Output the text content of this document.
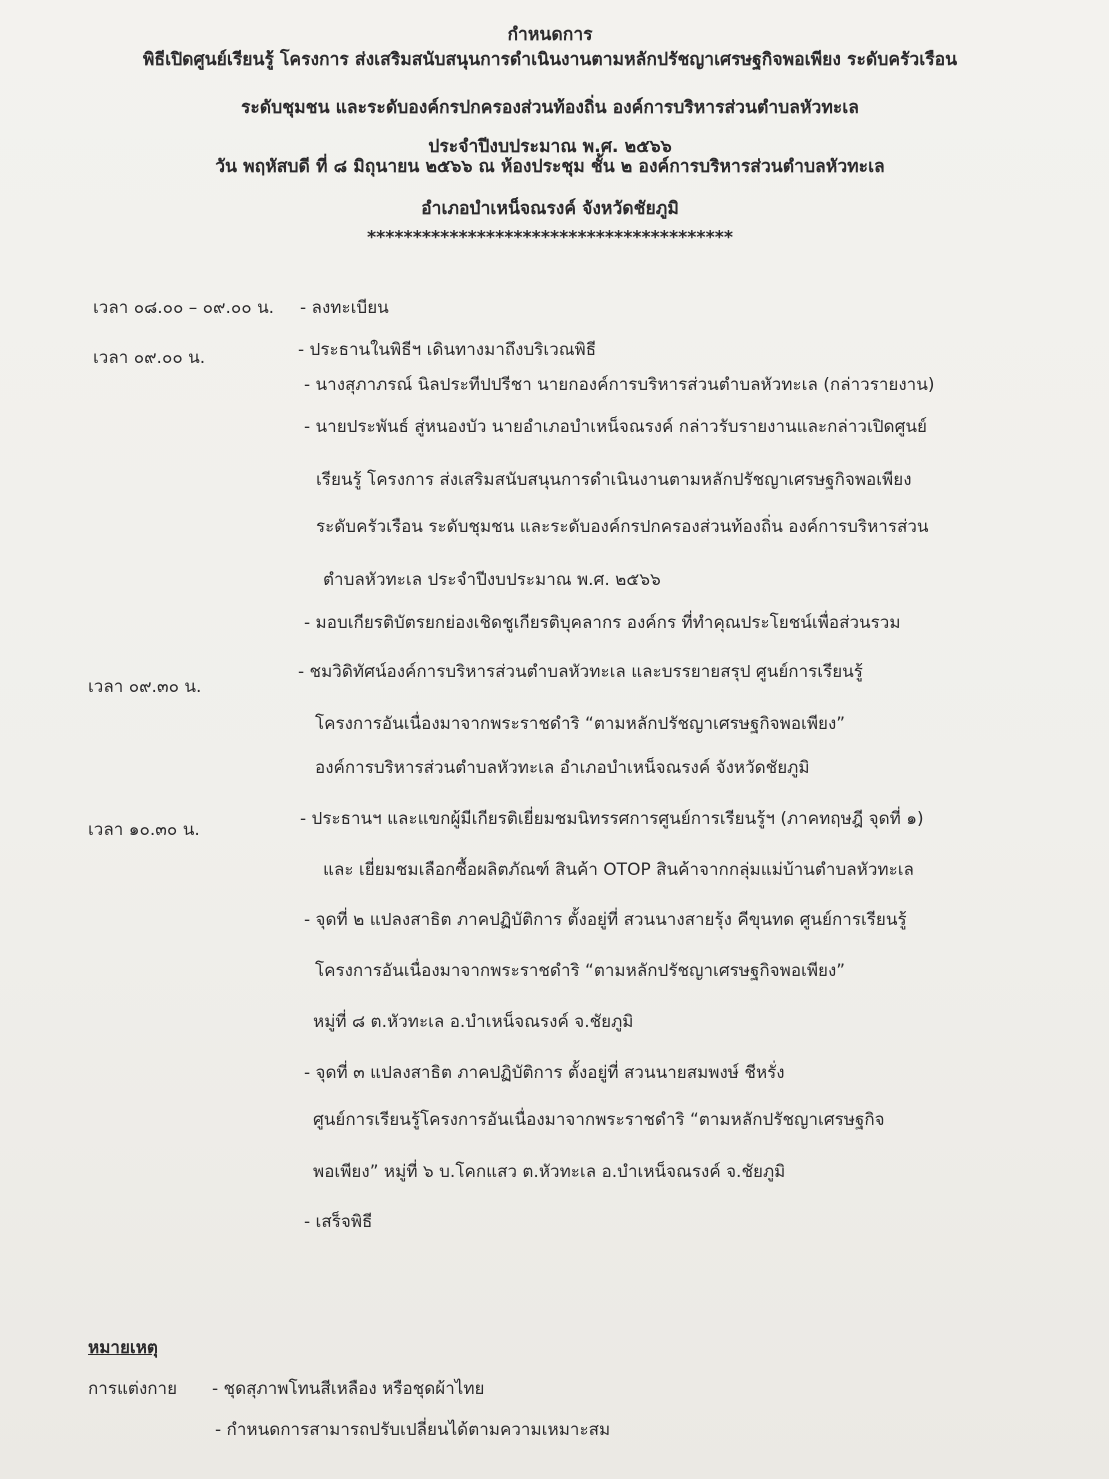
กำหนดการ
พิธีเปิดศูนย์เรียนรู้ โครงการ ส่งเสริมสนับสนุนการดำเนินงานตามหลักปรัชญาเศรษฐกิจพอเพียง ระดับครัวเรือน
ระดับชุมชน และระดับองค์กรปกครองส่วนท้องถิ่น องค์การบริหารส่วนตำบลหัวทะเล
ประจำปีงบประมาณ พ.ศ. ๒๕๖๖
วัน พฤหัสบดี ที่ ๘ มิถุนายน ๒๕๖๖ ณ ห้องประชุม ชั้น ๒ องค์การบริหารส่วนตำบลหัวทะเล
อำเภอบำเหน็จณรงค์ จังหวัดชัยภูมิ
****************************************
เวลา ๐๘.๐๐ – ๐๙.๐๐ น. - ลงทะเบียน
เวลา ๐๙.๐๐ น.	- ประธานในพิธีฯ เดินทางมาถึงบริเวณพิธี
- นางสุภาภรณ์ นิลประทีปปรีชา นายกองค์การบริหารส่วนตำบลหัวทะเล (กล่าวรายงาน)
- นายประพันธ์ สู่หนองบัว นายอำเภอบำเหน็จณรงค์ กล่าวรับรายงานและกล่าวเปิดศูนย์
เรียนรู้ โครงการ ส่งเสริมสนับสนุนการดำเนินงานตามหลักปรัชญาเศรษฐกิจพอเพียง
ระดับครัวเรือน ระดับชุมชน และระดับองค์กรปกครองส่วนท้องถิ่น องค์การบริหารส่วน
ตำบลหัวทะเล ประจำปีงบประมาณ พ.ศ. ๒๕๖๖
- มอบเกียรติบัตรยกย่องเชิดชูเกียรติบุคลากร องค์กร ที่ทำคุณประโยชน์เพื่อส่วนรวม
เวลา ๐๙.๓๐ น.
- ชมวิดิทัศน์องค์การบริหารส่วนตำบลหัวทะเล และบรรยายสรุป ศูนย์การเรียนรู้
โครงการอันเนื่องมาจากพระราชดำริ “ตามหลักปรัชญาเศรษฐกิจพอเพียง”
องค์การบริหารส่วนตำบลหัวทะเล อำเภอบำเหน็จณรงค์ จังหวัดชัยภูมิ
เวลา ๑๐.๓๐ น.
- ประธานฯ และแขกผู้มีเกียรติเยี่ยมชมนิทรรศการศูนย์การเรียนรู้ฯ (ภาคทฤษฎี จุดที่ ๑)
และ เยี่ยมชมเลือกซื้อผลิตภัณฑ์ สินค้า OTOP สินค้าจากกลุ่มแม่บ้านตำบลหัวทะเล
- จุดที่ ๒ แปลงสาธิต ภาคปฏิบัติการ ตั้งอยู่ที่ สวนนางสายรุ้ง คีขุนทด ศูนย์การเรียนรู้
โครงการอันเนื่องมาจากพระราชดำริ “ตามหลักปรัชญาเศรษฐกิจพอเพียง”
หมู่ที่ ๘ ต.หัวทะเล อ.บำเหน็จณรงค์ จ.ชัยภูมิ
- จุดที่ ๓ แปลงสาธิต ภาคปฏิบัติการ ตั้งอยู่ที่ สวนนายสมพงษ์ ชีหรั่ง
ศูนย์การเรียนรู้โครงการอันเนื่องมาจากพระราชดำริ “ตามหลักปรัชญาเศรษฐกิจ
พอเพียง” หมู่ที่ ๖ บ.โคกแสว ต.หัวทะเล อ.บำเหน็จณรงค์ จ.ชัยภูมิ
- เสร็จพิธี
หมายเหตุ
การแต่งกาย - ชุดสุภาพโทนสีเหลือง หรือชุดผ้าไทย
- กำหนดการสามารถปรับเปลี่ยนได้ตามความเหมาะสม
